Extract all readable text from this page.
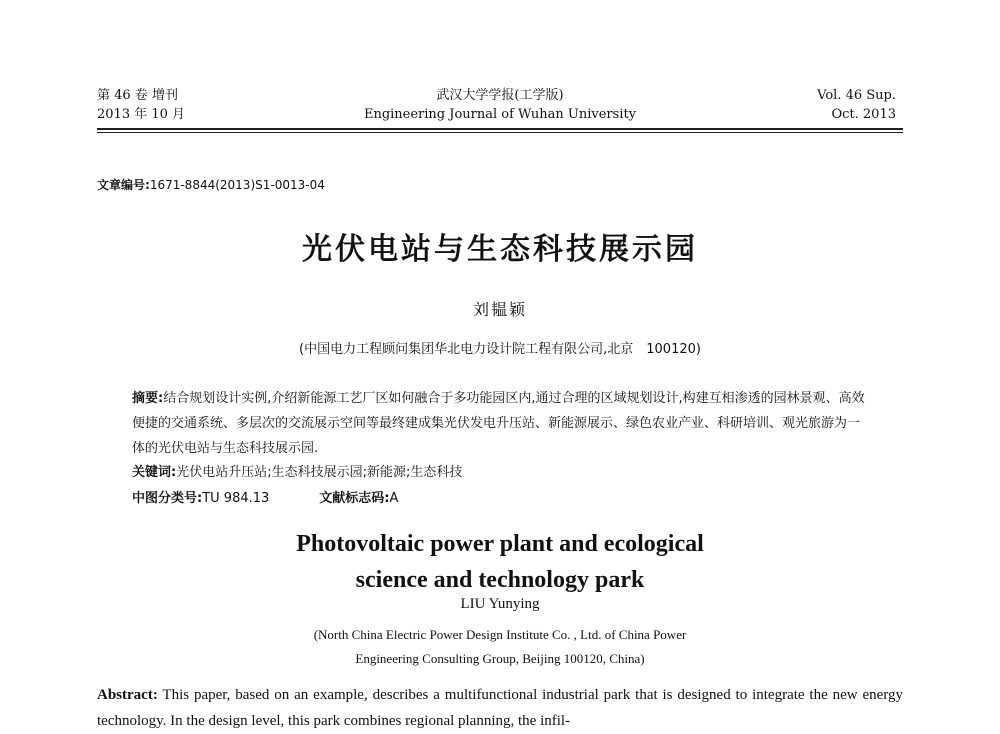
第 46 卷 增刊
2013 年 10 月
武汉大学学报(工学版)
Engineering Journal of Wuhan University
Vol. 46 Sup.
Oct. 2013
文章编号:1671-8844(2013)S1-0013-04
光伏电站与生态科技展示园
刘韫颖
(中国电力工程顾问集团华北电力设计院工程有限公司,北京　100120)
摘要:结合规划设计实例,介绍新能源工艺厂区如何融合于多功能园区内,通过合理的区域规划设计,构建互相渗透的园林景观、高效便捷的交通系统、多层次的交流展示空间等最终建成集光伏发电升压站、新能源展示、绿色农业产业、科研培训、观光旅游为一体的光伏电站与生态科技展示园.
关键词:光伏电站升压站;生态科技展示园;新能源;生态科技
中图分类号:TU 984.13	文献标志码:A
Photovoltaic power plant and ecological
science and technology park
LIU Yunying
(North China Electric Power Design Institute Co. , Ltd. of China Power
Engineering Consulting Group, Beijing 100120, China)
Abstract: This paper, based on an example, describes a multifunctional industrial park that is designed to integrate the new energy technology. In the design level, this park combines regional planning, the infil-
